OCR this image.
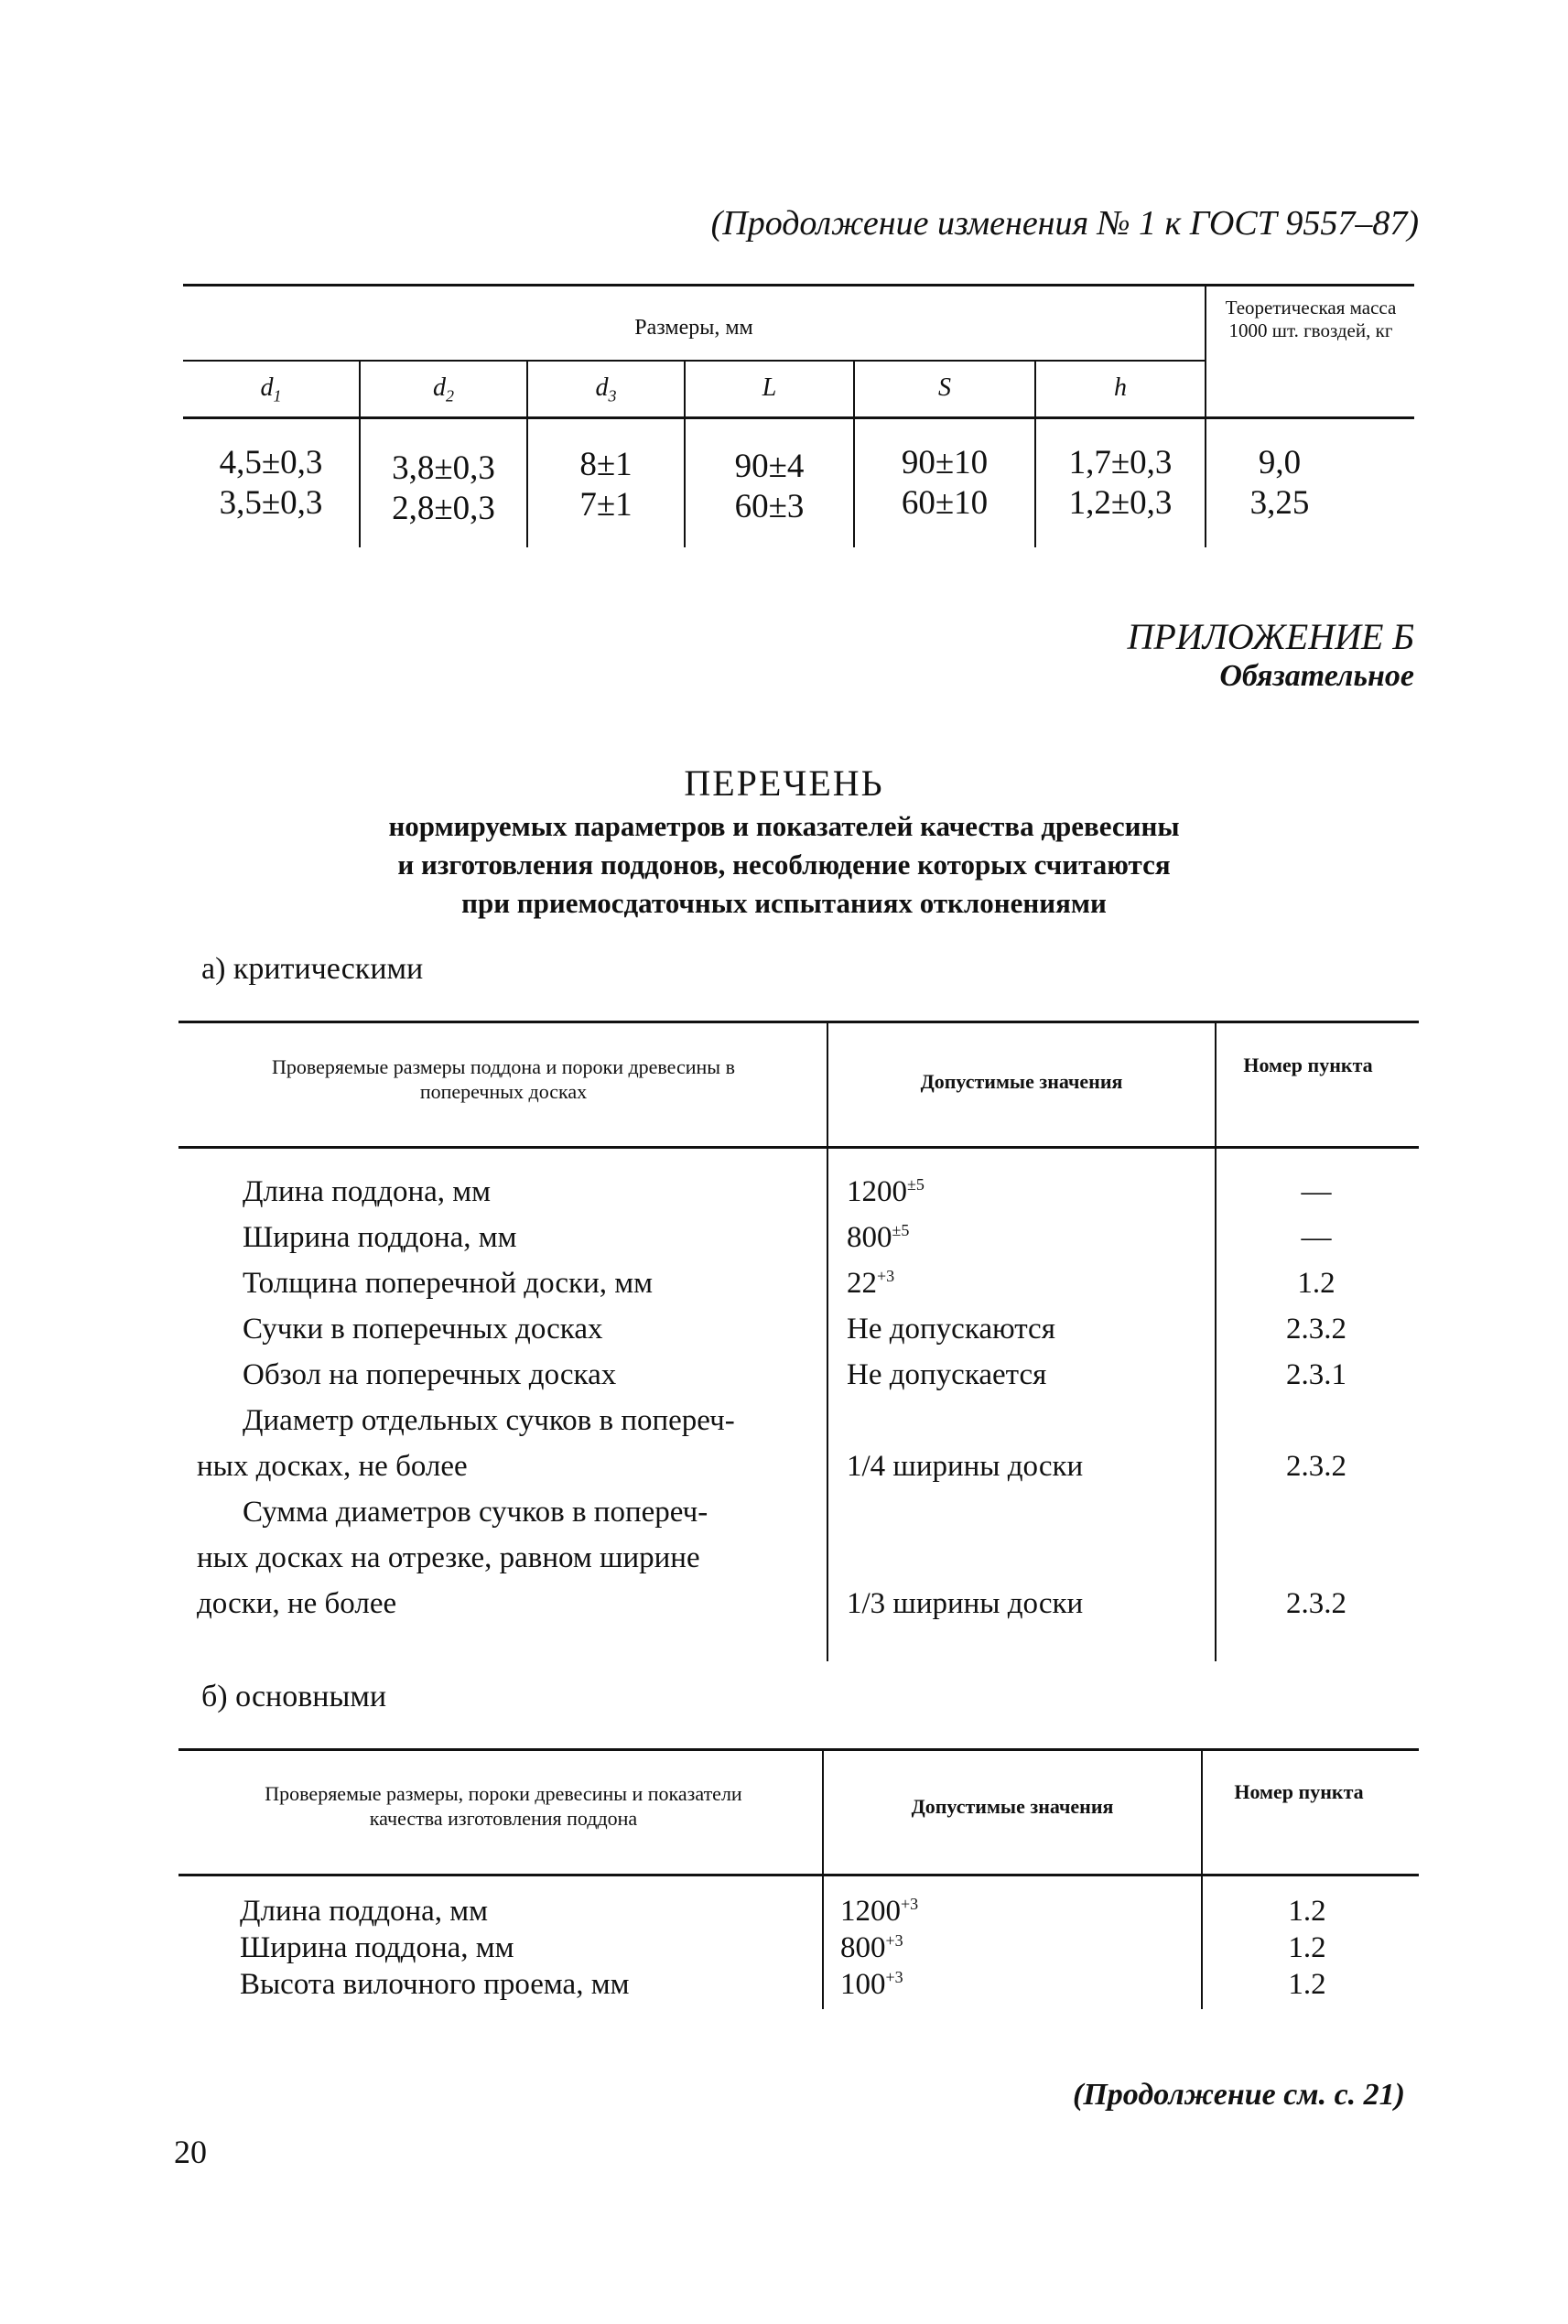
(Продолжение изменения № 1 к ГОСТ 9557–87)
Размеры, мм
Теоретическая масса 1000 шт. гвоздей, кг
$d_1$	$d_2$	$d_3$	L	S	h
4,5±0,3	3,8±0,3	8±1	90±4	90±10	1,7±0,3	9,0
3,5±0,3	2,8±0,3	7±1	60±3	60±10	1,2±0,3	3,25
ПРИЛОЖЕНИЕ Б
Обязательное
ПЕРЕЧЕНЬ
нормируемых параметров и показателей качества древесины
и изготовления поддонов, несоблюдение которых считаются
при приемосдаточных испытаниях отклонениями
а) критическими
Проверяемые размеры поддона и пороки древесины в поперечных досках	Допустимые значения
Номер пункта
Длина поддона, мм	$1200^{\pm 5}$	—
Ширина поддона, мм	$800^{\pm 5}$	—
Толщина поперечной доски, мм	$22^{+3}$	1.2
Сучки в поперечных досках	Не допускаются	2.3.2
Обзол на поперечных досках	Не допускается	2.3.1
Диаметр отдельных сучков в попереч-
ных досках, не более	1/4 ширины доски	2.3.2
Сумма диаметров сучков в попереч-
ных досках на отрезке, равном ширине
доски, не более	1/3 ширины доски	2.3.2
б) основными
Проверяемые размеры, пороки древесины и показатели качества изготовления поддона
Допустимые значения
Номер пункта
Длина поддона, мм	$1200^{+3}$	1.2
Ширина поддона, мм	$800^{+3}$	1.2
Высота вилочного проема, мм	$100^{+3}$	1.2
(Продолжение см. с. 21)
20
